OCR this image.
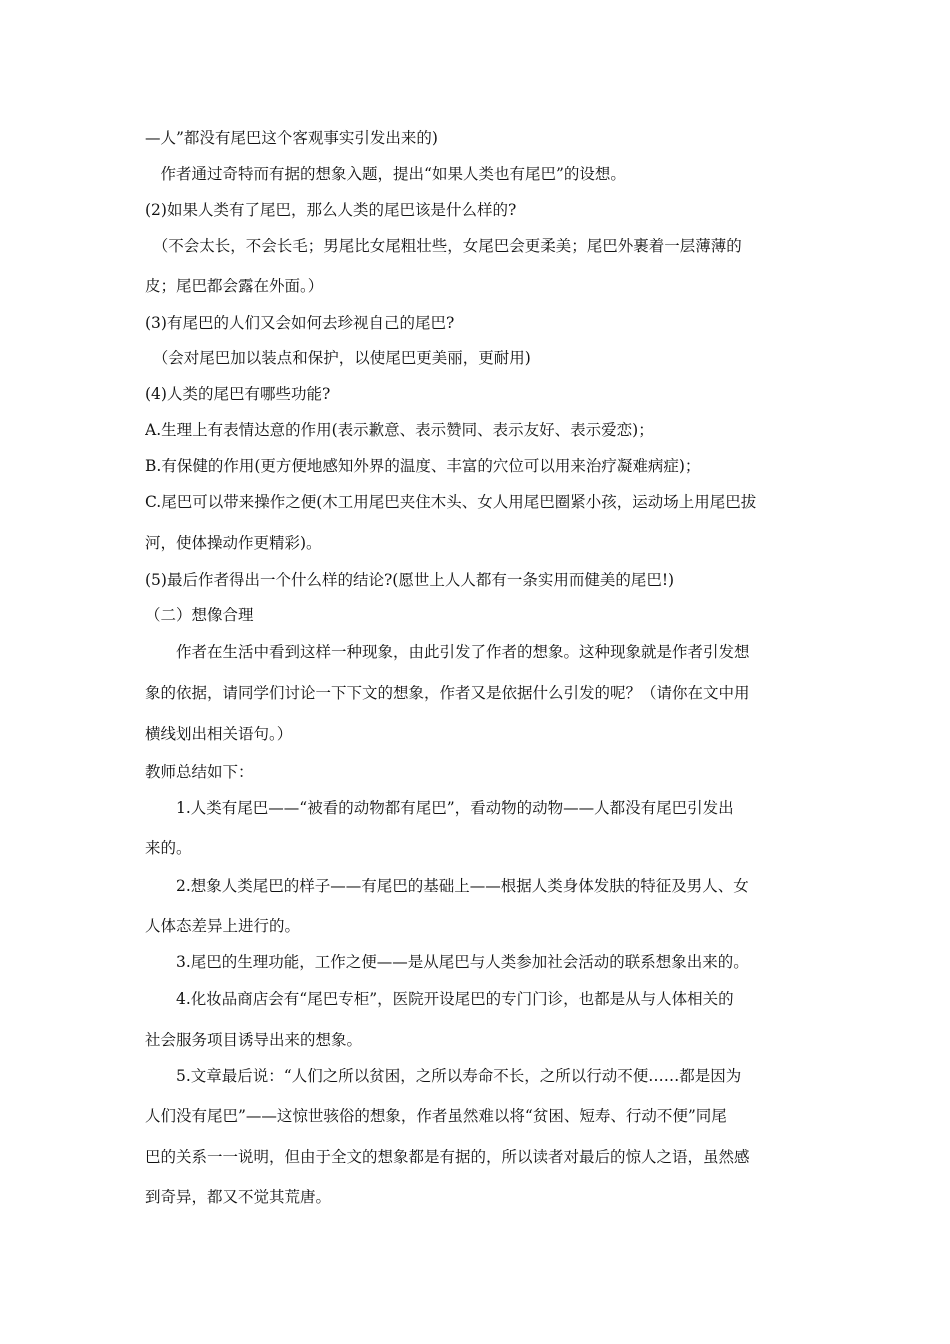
—人”都没有尾巴这个客观事实引发出来的)
　作者通过奇特而有据的想象入题，提出“如果人类也有尾巴”的设想。
(2)如果人类有了尾巴，那么人类的尾巴该是什么样的?
　（不会太长，不会长毛；男尾比女尾粗壮些，女尾巴会更柔美；尾巴外裹着一层薄薄的
皮；尾巴都会露在外面。）
(3)有尾巴的人们又会如何去珍视自己的尾巴?
　（会对尾巴加以装点和保护，以使尾巴更美丽，更耐用)
(4)人类的尾巴有哪些功能?
A.生理上有表情达意的作用(表示歉意、表示赞同、表示友好、表示爱恋)；
B.有保健的作用(更方便地感知外界的温度、丰富的穴位可以用来治疗凝难病症)；
C.尾巴可以带来操作之便(木工用尾巴夹住木头、女人用尾巴圈紧小孩，运动场上用尾巴拔
河，使体操动作更精彩)。
(5)最后作者得出一个什么样的结论?(愿世上人人都有一条实用而健美的尾巴!)
（二）想像合理
　　作者在生活中看到这样一种现象，由此引发了作者的想象。这种现象就是作者引发想
象的依据，请同学们讨论一下下文的想象，作者又是依据什么引发的呢？（请你在文中用
横线划出相关语句。）
教师总结如下：
　　1.人类有尾巴——“被看的动物都有尾巴”，看动物的动物——人都没有尾巴引发出
来的。
　　2.想象人类尾巴的样子——有尾巴的基础上——根据人类身体发肤的特征及男人、女
人体态差异上进行的。
　　3.尾巴的生理功能，工作之便——是从尾巴与人类参加社会活动的联系想象出来的。
　　4.化妆品商店会有“尾巴专柜”，医院开设尾巴的专门门诊，也都是从与人体相关的
社会服务项目诱导出来的想象。
　　5.文章最后说：“人们之所以贫困，之所以寿命不长，之所以行动不便……都是因为
人们没有尾巴”——这惊世骇俗的想象，作者虽然难以将“贫困、短寿、行动不便”同尾
巴的关系一一说明，但由于全文的想象都是有据的，所以读者对最后的惊人之语，虽然感
到奇异，都又不觉其荒唐。
